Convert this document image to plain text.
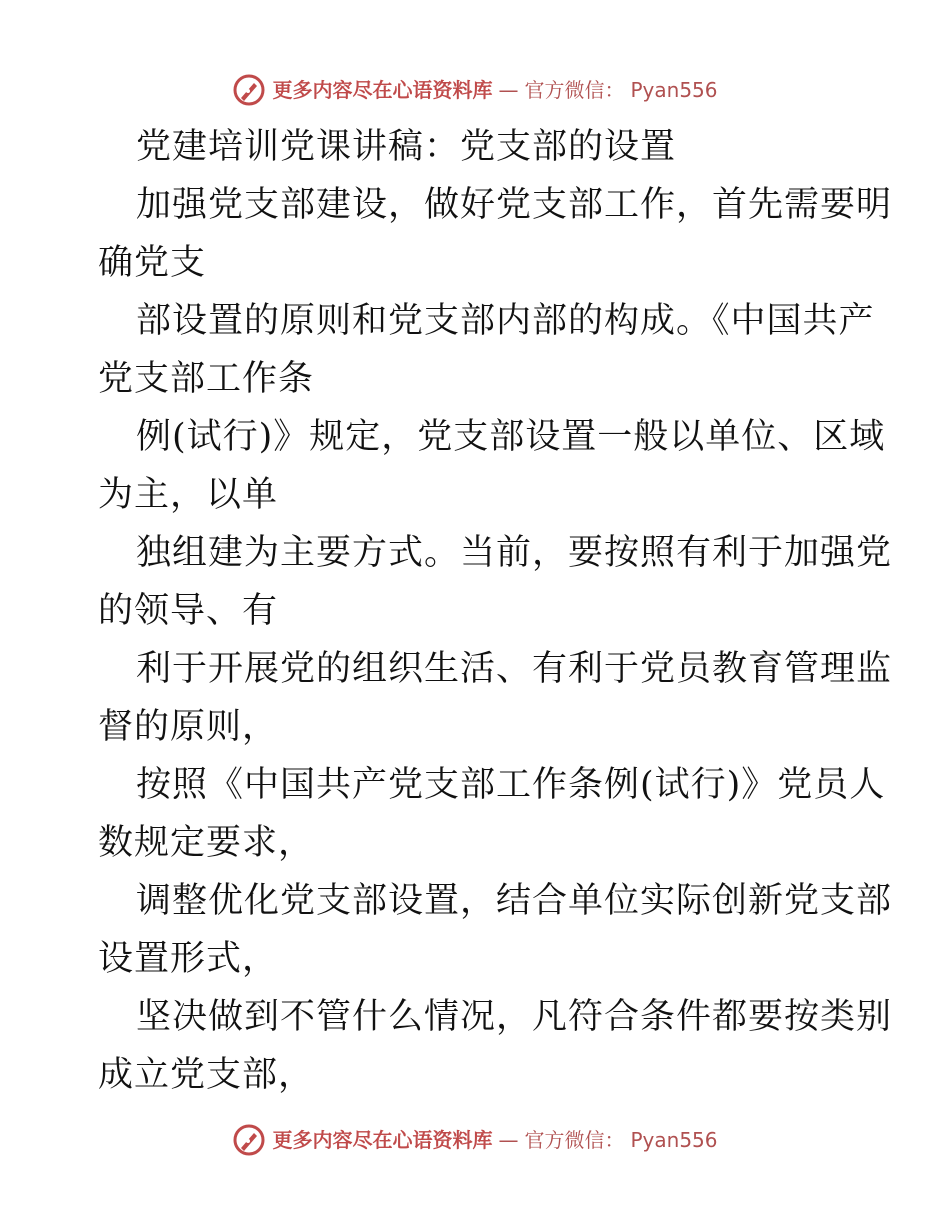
更多内容尽在心语资料库 — 官方微信： Pyan556
党建培训党课讲稿：党支部的设置
加强党支部建设，做好党支部工作，首先需要明
确党支
部设置的原则和党支部内部的构成。《中国共产
党支部工作条
例(试行)》规定，党支部设置一般以单位、区域
为主，以单
独组建为主要方式。当前，要按照有利于加强党
的领导、有
利于开展党的组织生活、有利于党员教育管理监
督的原则，
按照《中国共产党支部工作条例(试行)》党员人
数规定要求，
调整优化党支部设置，结合单位实际创新党支部
设置形式，
坚决做到不管什么情况，凡符合条件都要按类别
成立党支部，
更多内容尽在心语资料库 — 官方微信： Pyan556
